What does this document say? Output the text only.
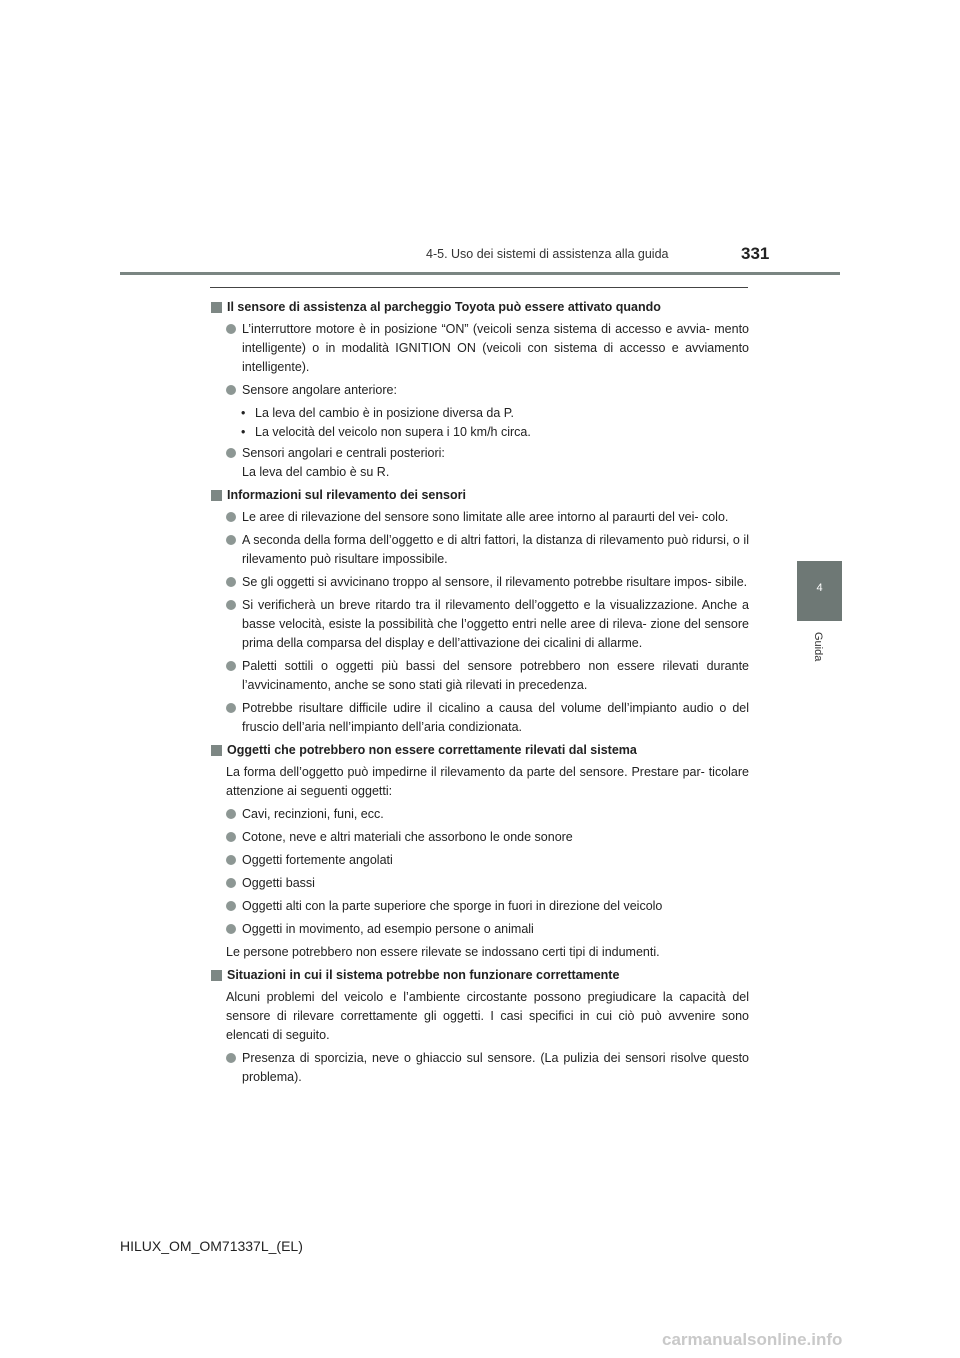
4-5. Uso dei sistemi di assistenza alla guida	331
4
Guida
Il sensore di assistenza al parcheggio Toyota può essere attivato quando
L’interruttore motore è in posizione “ON” (veicoli senza sistema di accesso e avvia- mento intelligente) o in modalità IGNITION ON (veicoli con sistema di accesso e avviamento intelligente).
Sensore angolare anteriore:
• La leva del cambio è in posizione diversa da P.
• La velocità del veicolo non supera i 10 km/h circa.
Sensori angolari e centrali posteriori:
La leva del cambio è su R.
Informazioni sul rilevamento dei sensori
Le aree di rilevazione del sensore sono limitate alle aree intorno al paraurti del vei- colo.
A seconda della forma dell’oggetto e di altri fattori, la distanza di rilevamento può ridursi, o il rilevamento può risultare impossibile.
Se gli oggetti si avvicinano troppo al sensore, il rilevamento potrebbe risultare impos- sibile.
Si verificherà un breve ritardo tra il rilevamento dell’oggetto e la visualizzazione. Anche a basse velocità, esiste la possibilità che l’oggetto entri nelle aree di rileva- zione del sensore prima della comparsa del display e dell’attivazione dei cicalini di allarme.
Paletti sottili o oggetti più bassi del sensore potrebbero non essere rilevati durante l’avvicinamento, anche se sono stati già rilevati in precedenza.
Potrebbe risultare difficile udire il cicalino a causa del volume dell’impianto audio o del fruscio dell’aria nell’impianto dell’aria condizionata.
Oggetti che potrebbero non essere correttamente rilevati dal sistema
La forma dell’oggetto può impedirne il rilevamento da parte del sensore. Prestare par- ticolare attenzione ai seguenti oggetti:
Cavi, recinzioni, funi, ecc.
Cotone, neve e altri materiali che assorbono le onde sonore
Oggetti fortemente angolati
Oggetti bassi
Oggetti alti con la parte superiore che sporge in fuori in direzione del veicolo
Oggetti in movimento, ad esempio persone o animali
Le persone potrebbero non essere rilevate se indossano certi tipi di indumenti.
Situazioni in cui il sistema potrebbe non funzionare correttamente
Alcuni problemi del veicolo e l’ambiente circostante possono pregiudicare la capacità del sensore di rilevare correttamente gli oggetti. I casi specifici in cui ciò può avvenire sono elencati di seguito.
Presenza di sporcizia, neve o ghiaccio sul sensore. (La pulizia dei sensori risolve questo problema).
HILUX_OM_OM71337L_(EL)
carmanualsonline.info
